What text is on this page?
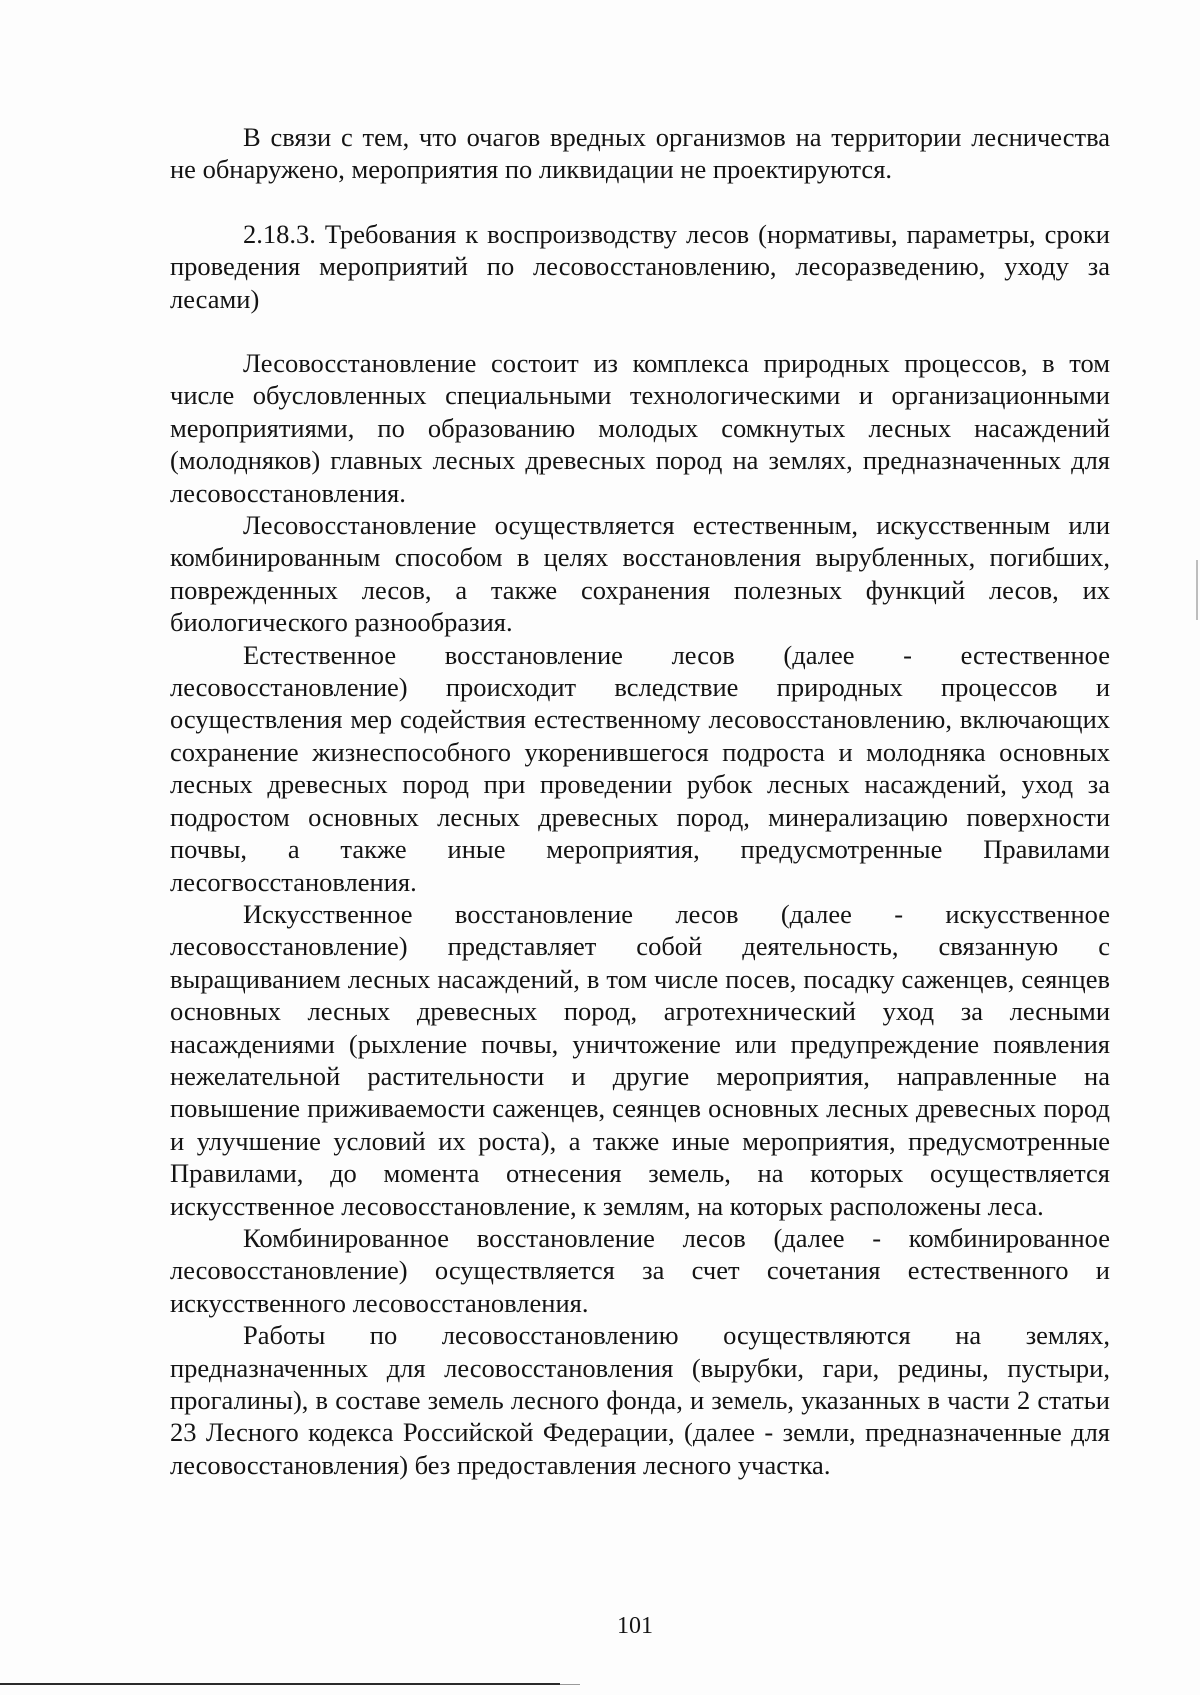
В связи с тем, что очагов вредных организмов на территории лесничества не обнаружено, мероприятия по ликвидации не проектируются.

2.18.3. Требования к воспроизводству лесов (нормативы, параметры, сроки проведения мероприятий по лесовосстановлению, лесоразведению, уходу за лесами)

Лесовосстановление состоит из комплекса природных процессов, в том числе обусловленных специальными технологическими и организационными мероприятиями, по образованию молодых сомкнутых лесных насаждений (молодняков) главных лесных древесных пород на землях, предназначенных для лесовосстановления.

Лесовосстановление осуществляется естественным, искусственным или комбинированным способом в целях восстановления вырубленных, погибших, поврежденных лесов, а также сохранения полезных функций лесов, их биологического разнообразия.

Естественное восстановление лесов (далее - естественное лесовосстановление) происходит вследствие природных процессов и осуществления мер содействия естественному лесовосстановлению, включающих сохранение жизнеспособного укоренившегося подроста и молодняка основных лесных древесных пород при проведении рубок лесных насаждений, уход за подростом основных лесных древесных пород, минерализацию поверхности почвы, а также иные мероприятия, предусмотренные Правилами лесогвосстановления.

Искусственное восстановление лесов (далее - искусственное лесовосстановление) представляет собой деятельность, связанную с выращиванием лесных насаждений, в том числе посев, посадку саженцев, сеянцев основных лесных древесных пород, агротехнический уход за лесными насаждениями (рыхление почвы, уничтожение или предупреждение появления нежелательной растительности и другие мероприятия, направленные на повышение приживаемости саженцев, сеянцев основных лесных древесных пород и улучшение условий их роста), а также иные мероприятия, предусмотренные Правилами, до момента отнесения земель, на которых осуществляется искусственное лесовосстановление, к землям, на которых расположены леса.

Комбинированное восстановление лесов (далее - комбинированное лесовосстановление) осуществляется за счет сочетания естественного и искусственного лесовосстановления.

Работы по лесовосстановлению осуществляются на землях, предназначенных для лесовосстановления (вырубки, гари, редины, пустыри, прогалины), в составе земель лесного фонда, и земель, указанных в части 2 статьи 23 Лесного кодекса Российской Федерации, (далее - земли, предназначенные для лесовосстановления) без предоставления лесного участка.

101
